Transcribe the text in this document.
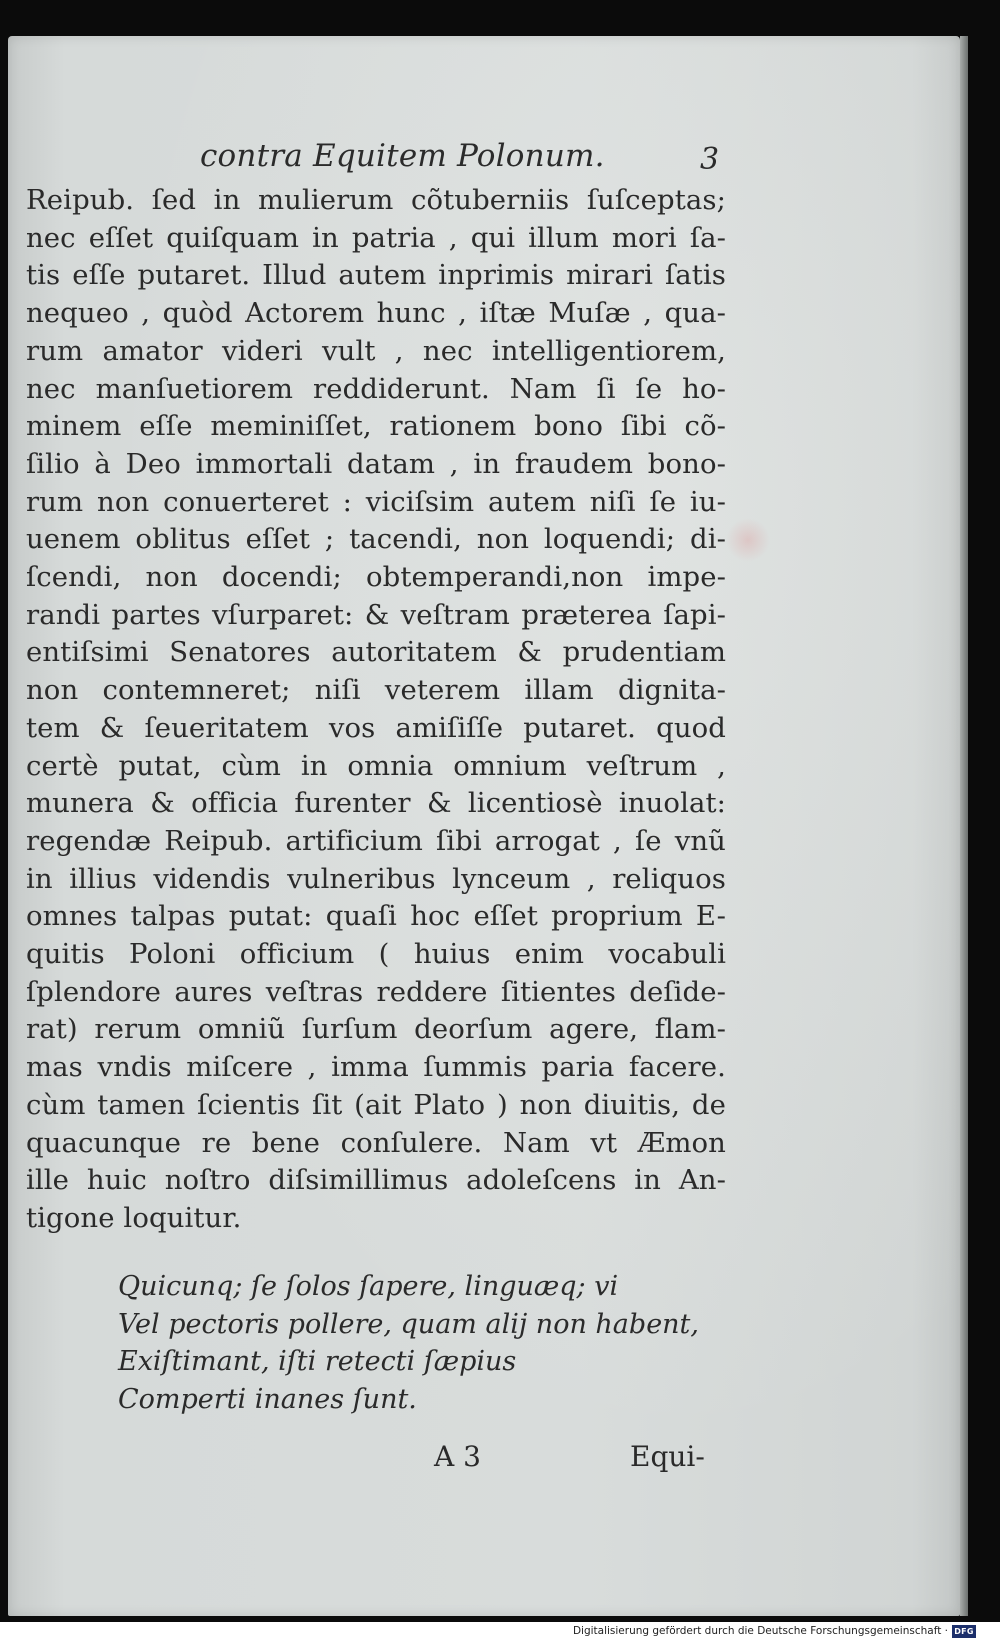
contra Equitem Polonum.	3
Reipub. ſed in mulierum cõtuberniis ſuſceptas;
nec eſſet quiſquam in patria , qui illum mori ſa-
tis eſſe putaret. Illud autem inprimis mirari ſatis
nequeo , quòd Actorem hunc , iſtæ Muſæ , qua-
rum amator videri vult , nec intelligentiorem,
nec manſuetiorem reddiderunt. Nam ſi ſe ho-
minem eſſe meminiſſet, rationem bono ſibi cõ-
ſilio à Deo immortali datam , in fraudem bono-
rum non conuerteret : viciſsim autem niſi ſe iu-
uenem oblitus eſſet ; tacendi, non loquendi; di-
ſcendi, non docendi; obtemperandi,non impe-
randi partes vſurparet: & veſtram præterea ſapi-
entiſsimi Senatores autoritatem & prudentiam
non contemneret; niſi veterem illam dignita-
tem & ſeueritatem vos amiſiſſe putaret. quod
certè putat, cùm in omnia omnium veſtrum ,
munera & officia furenter & licentiosè inuolat:
regendæ Reipub. artificium ſibi arrogat , ſe vnũ
in illius videndis vulneribus lynceum , reliquos
omnes talpas putat: quaſi hoc eſſet proprium E-
quitis Poloni officium ( huius enim vocabuli
ſplendore aures veſtras reddere ſitientes deſide-
rat) rerum omniũ ſurſum deorſum agere, flam-
mas vndis miſcere , imma ſummis paria facere.
cùm tamen ſcientis ſit (ait Plato ) non diuitis, de
quacunque re bene conſulere. Nam vt Æmon
ille huic noſtro diſsimillimus adoleſcens in An-
tigone loquitur.
Quicunq; ſe ſolos ſapere, linguæq; vi
Vel pectoris pollere, quam alij non habent,
Exiſtimant, iſti retecti ſæpius
Comperti inanes ſunt.
A 3	Equi-
Digitalisierung gefördert durch die Deutsche Forschungsgemeinschaft · DFG
